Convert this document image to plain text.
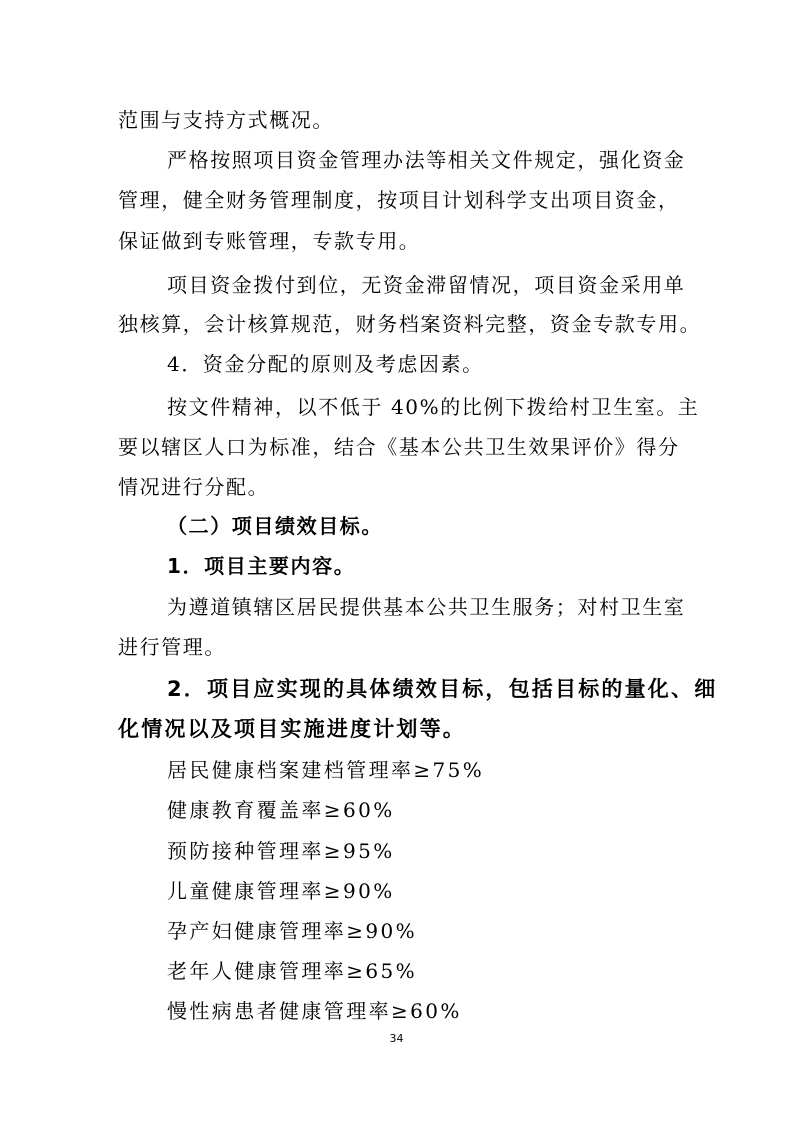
范围与支持方式概况。
严格按照项目资金管理办法等相关文件规定，强化资金
管理，健全财务管理制度，按项目计划科学支出项目资金，
保证做到专账管理，专款专用。
项目资金拨付到位，无资金滞留情况，项目资金采用单
独核算，会计核算规范，财务档案资料完整，资金专款专用。
4．资金分配的原则及考虑因素。
按文件精神，以不低于 40%的比例下拨给村卫生室。主
要以辖区人口为标准，结合《基本公共卫生效果评价》得分
情况进行分配。
（二）项目绩效目标。
1．项目主要内容。
为遵道镇辖区居民提供基本公共卫生服务；对村卫生室
进行管理。
2．项目应实现的具体绩效目标，包括目标的量化、细
化情况以及项目实施进度计划等。
居民健康档案建档管理率≥75%
健康教育覆盖率≥60%
预防接种管理率≥95%
儿童健康管理率≥90%
孕产妇健康管理率≥90%
老年人健康管理率≥65%
慢性病患者健康管理率≥60%
34
